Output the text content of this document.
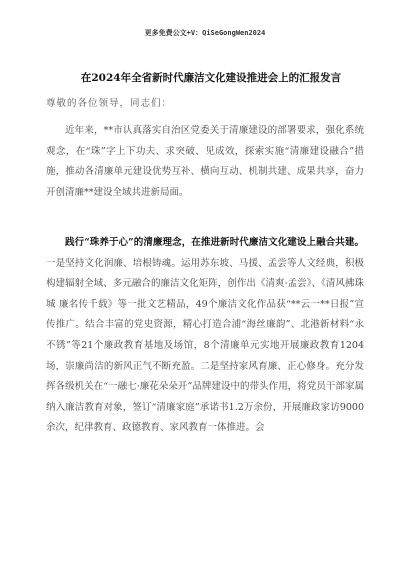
更多免费公文+V：QiSeGongWen2024
在2024年全省新时代廉洁文化建设推进会上的汇报发言
尊敬的各位领导，同志们：

近年来，**市认真落实自治区党委关于清廉建设的部署要求，强化系统观念，在“珠”字上下功夫、求突破、见成效，探索实施“清廉建设融合”措施，推动各清廉单元建设优势互补、横向互动、机制共建、成果共享，奋力开创清廉**建设全域共进新局面。

践行“珠养于心”的清廉理念，在推进新时代廉洁文化建设上融合共建。一是坚持文化润廉、培根铸魂。运用苏东坡、马援、孟尝等人文经典，积极构建辐射全域、多元融合的廉洁文化矩阵，创作出《清爽·孟尝》、《清风拂珠城 廉名传千载》等一批文艺精品，49个廉洁文化作品获“**云一**日报”宣传推广。结合丰富的党史资源，精心打造合浦“海丝廉韵”、北港新材料“永不锈”等21个廉政教育基地及场馆，8个清廉单元实地开展廉政教育1204场，崇廉尚洁的新风正气不断充盈。二是坚持家风育廉、正心修身。充分发挥各级机关在“一融七·廉花朵朵开”品牌建设中的带头作用，将党员干部家属纳入廉洁教育对象，签订“清廉家庭”承诺书1.2万余份，开展廉政家访9000余次，纪律教育、政德教育、家风教育一体推进。会
